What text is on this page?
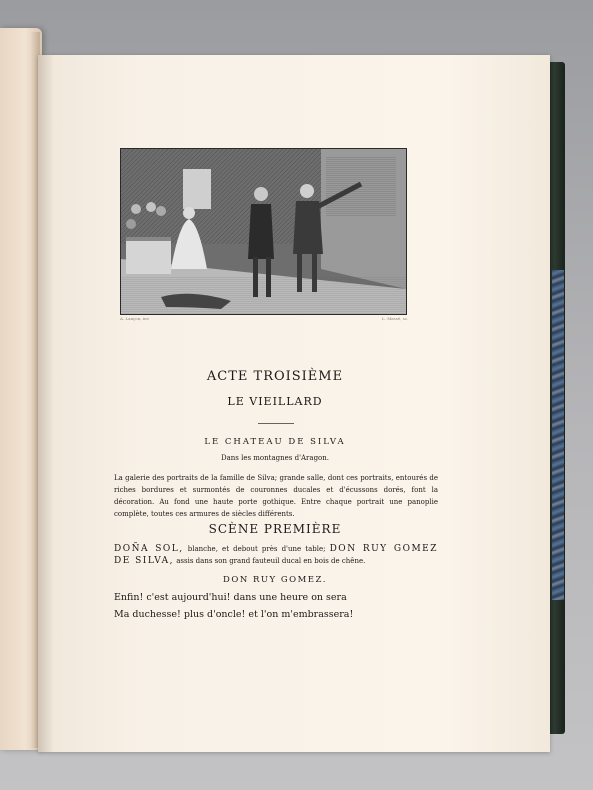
A. Lançon, inv.	L. Massé, sc.
ACTE TROISIÈME
LE VIEILLARD
LE CHATEAU DE SILVA
Dans les montagnes d'Aragon.
La galerie des portraits de la famille de Silva; grande salle, dont ces portraits, entourés de riches bordures et surmontés de couronnes ducales et d'écussons dorés, font la décoration. Au fond une haute porte gothique. Entre chaque portrait une panoplie complète, toutes ces armures de siècles différents.
SCÈNE PREMIÈRE
DOÑA SOL, blanche, et debout près d'une table; DON RUY GOMEZ DE SILVA, assis dans son grand fauteuil ducal en bois de chêne.
DON RUY GOMEZ.
Enfin! c'est aujourd'hui! dans une heure on sera
Ma duchesse! plus d'oncle! et l'on m'embrassera!
